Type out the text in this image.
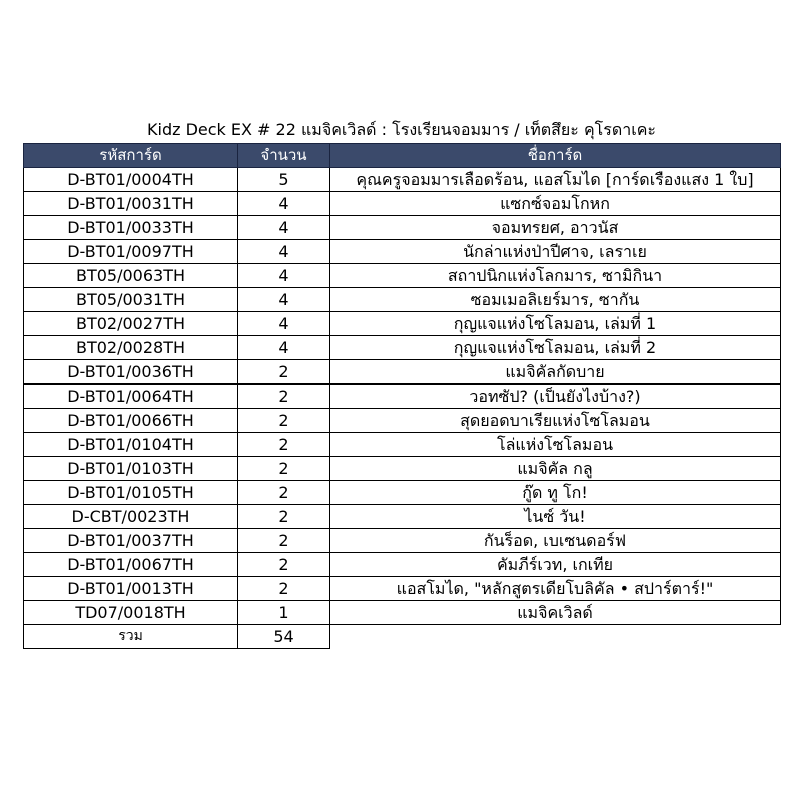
Kidz Deck EX # 22 แมจิคเวิลด์ : โรงเรียนจอมมาร / เท็ตสึยะ คุโรดาเคะ
รหัสการ์ด	จำนวน	ชื่อการ์ด
D-BT01/0004TH	5	คุณครูจอมมารเลือดร้อน, แอสโมได [การ์ดเรืองแสง 1 ใบ]
D-BT01/0031TH	4	แซกซ์จอมโกหก
D-BT01/0033TH	4	จอมทรยศ, อาวนัส
D-BT01/0097TH	4	นักล่าแห่งป่าปีศาจ, เลราเย
BT05/0063TH	4	สถาปนิกแห่งโลกมาร, ซามิกินา
BT05/0031TH	4	ซอมเมอลิเยร์มาร, ซากัน
BT02/0027TH	4	กุญแจแห่งโซโลมอน, เล่มที่ 1
BT02/0028TH	4	กุญแจแห่งโซโลมอน, เล่มที่ 2
D-BT01/0036TH	2	แมจิคัลกัดบาย
D-BT01/0064TH	2	วอทซัป? (เป็นยังไงบ้าง?)
D-BT01/0066TH	2	สุดยอดบาเรียแห่งโซโลมอน
D-BT01/0104TH	2	โล่แห่งโซโลมอน
D-BT01/0103TH	2	แมจิคัล กลู
D-BT01/0105TH	2	กู๊ด ทู โก!
D-CBT/0023TH	2	ไนซ์ วัน!
D-BT01/0037TH	2	กันร็อด, เบเซนดอร์ฟ
D-BT01/0067TH	2	คัมภีร์เวท, เกเทีย
D-BT01/0013TH	2	แอสโมได, "หลักสูตรเดียโบลิคัล • สปาร์ตาร์!"
TD07/0018TH	1	แมจิคเวิลด์
รวม	54	
